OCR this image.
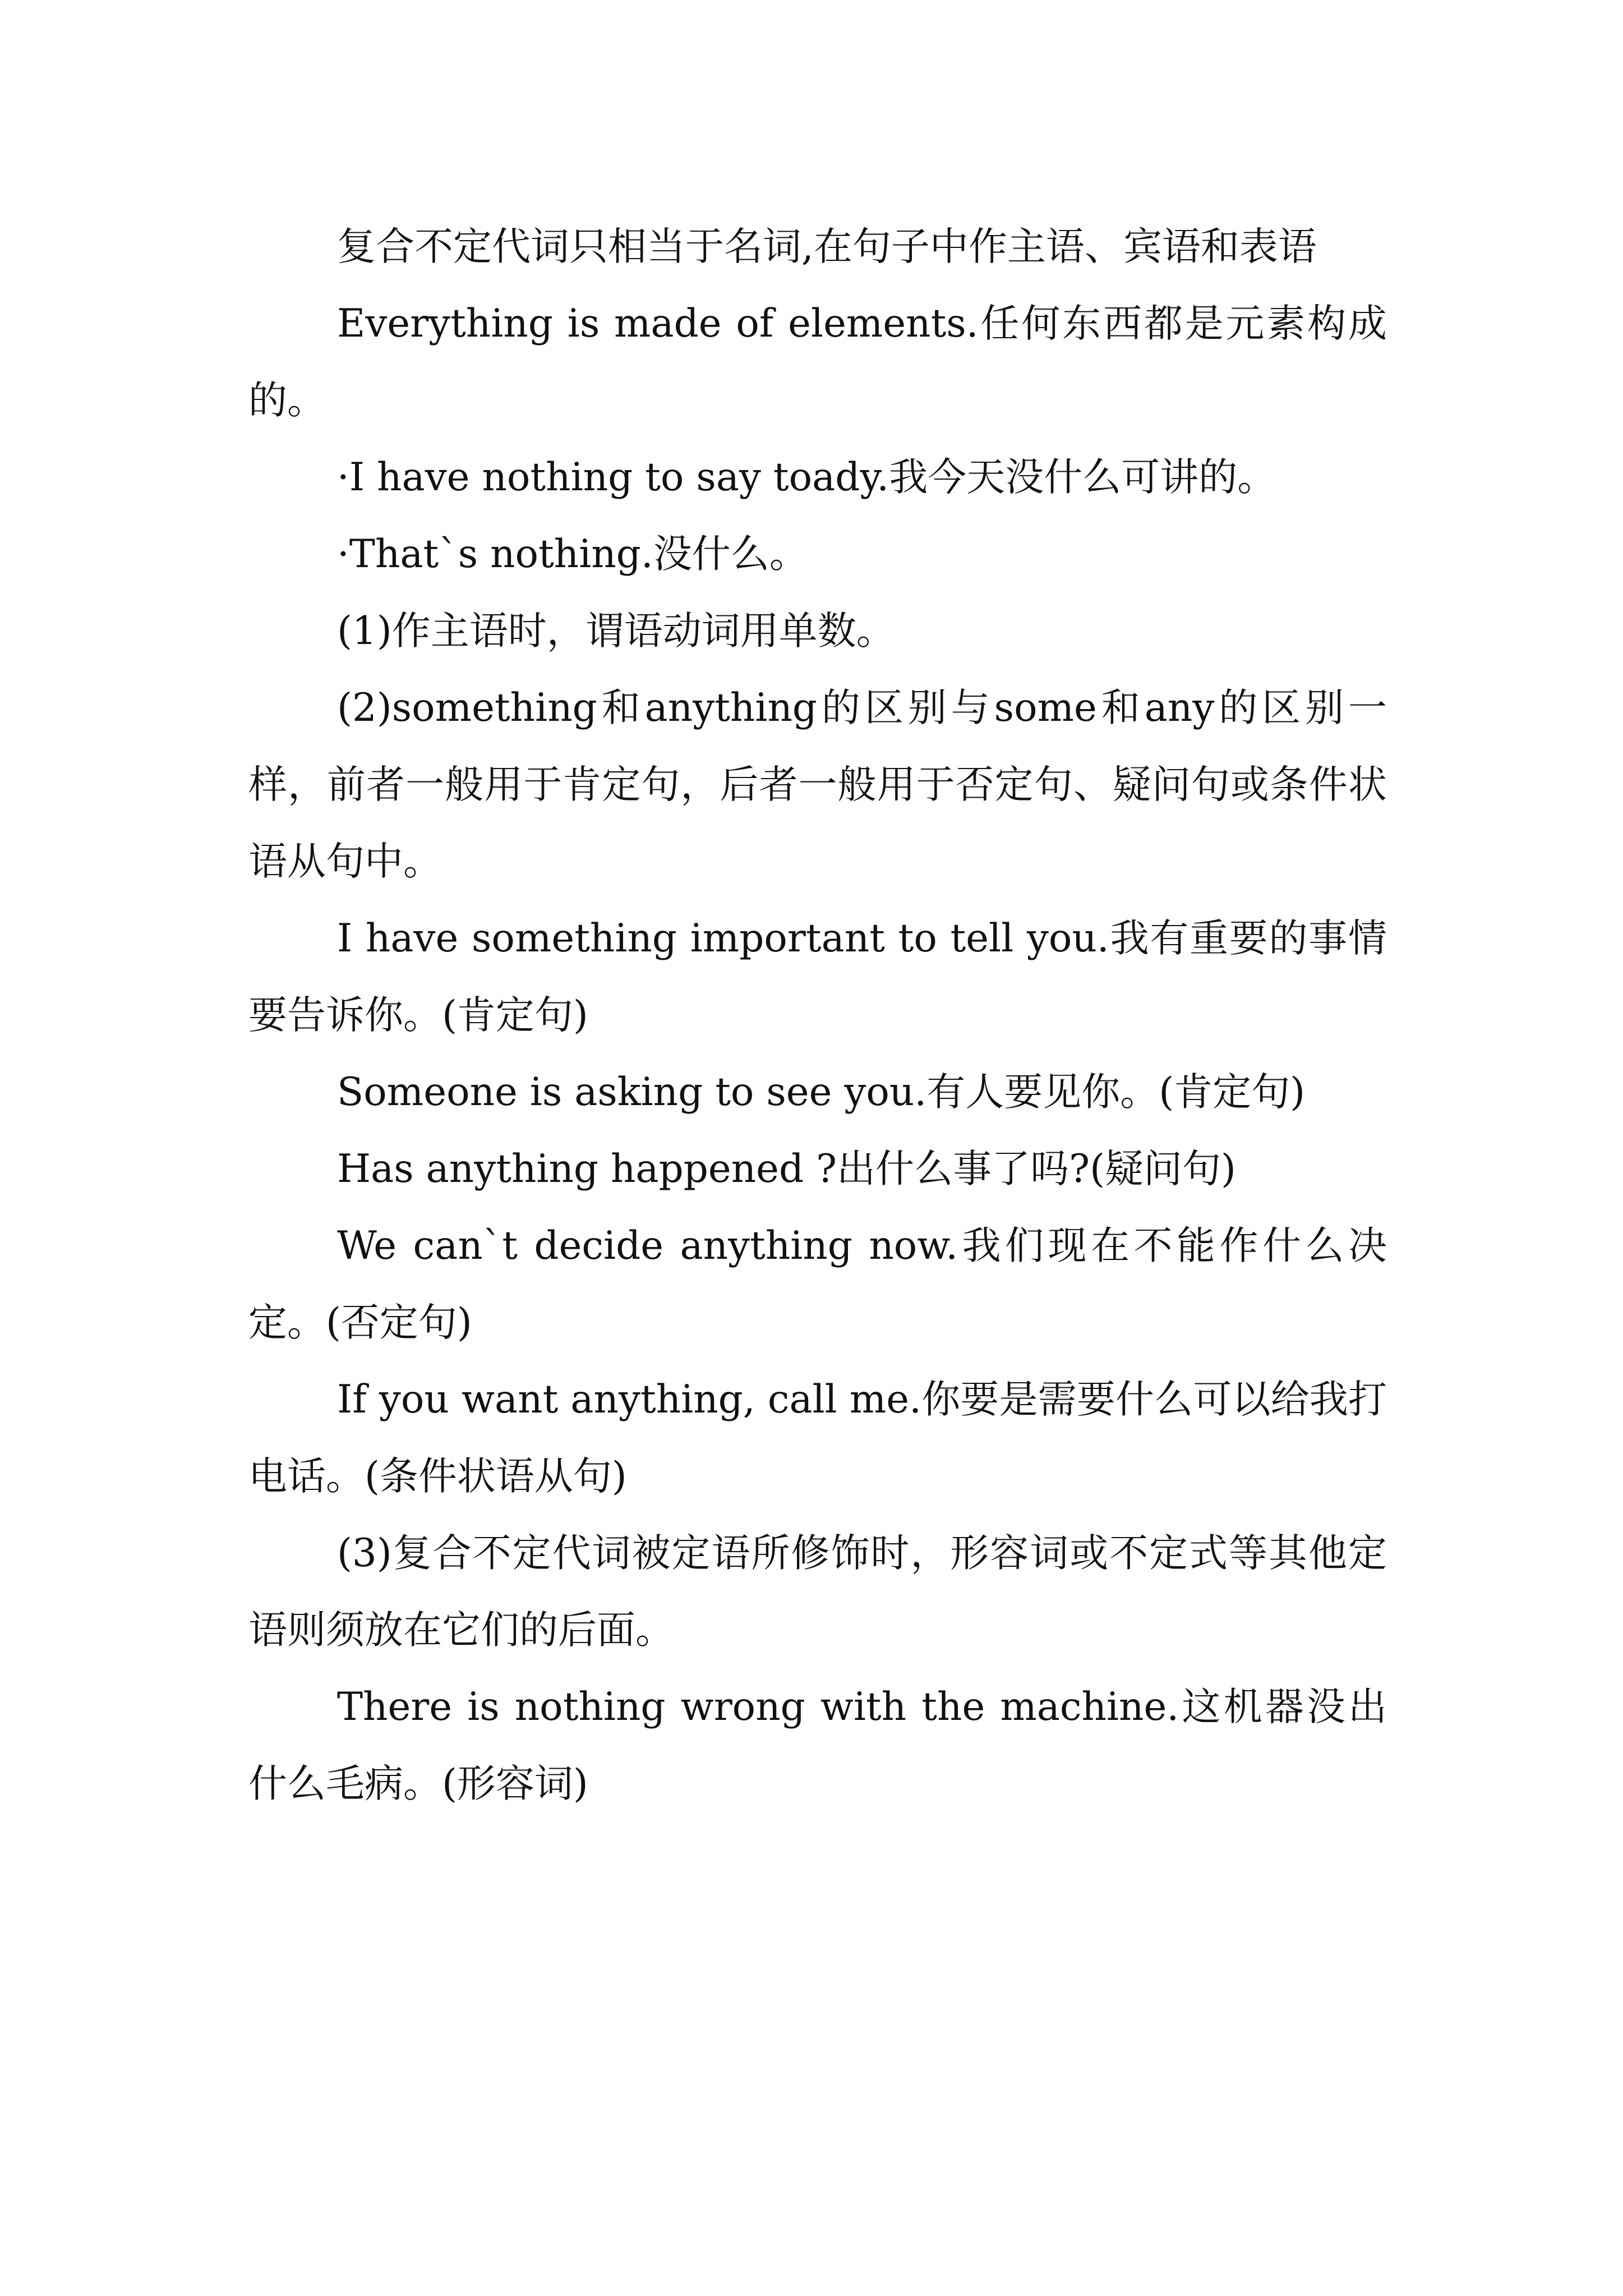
复合不定代词只相当于名词,在句子中作主语、宾语和表语

Everything is made of elements.任何东西都是元素构成的。

·I have nothing to say toady.我今天没什么可讲的。

·That`s nothing.没什么。

(1)作主语时，谓语动词用单数。

(2)something和anything的区别与some和any的区别一样，前者一般用于肯定句，后者一般用于否定句、疑问句或条件状语从句中。

I have something important to tell you.我有重要的事情要告诉你。(肯定句)

Someone is asking to see you.有人要见你。(肯定句)

Has anything happened ?出什么事了吗?(疑问句)

We can`t decide anything now.我们现在不能作什么决定。(否定句)

If you want anything, call me.你要是需要什么可以给我打电话。(条件状语从句)

(3)复合不定代词被定语所修饰时，形容词或不定式等其他定语则须放在它们的后面。

There is nothing wrong with the machine.这机器没出什么毛病。(形容词)
